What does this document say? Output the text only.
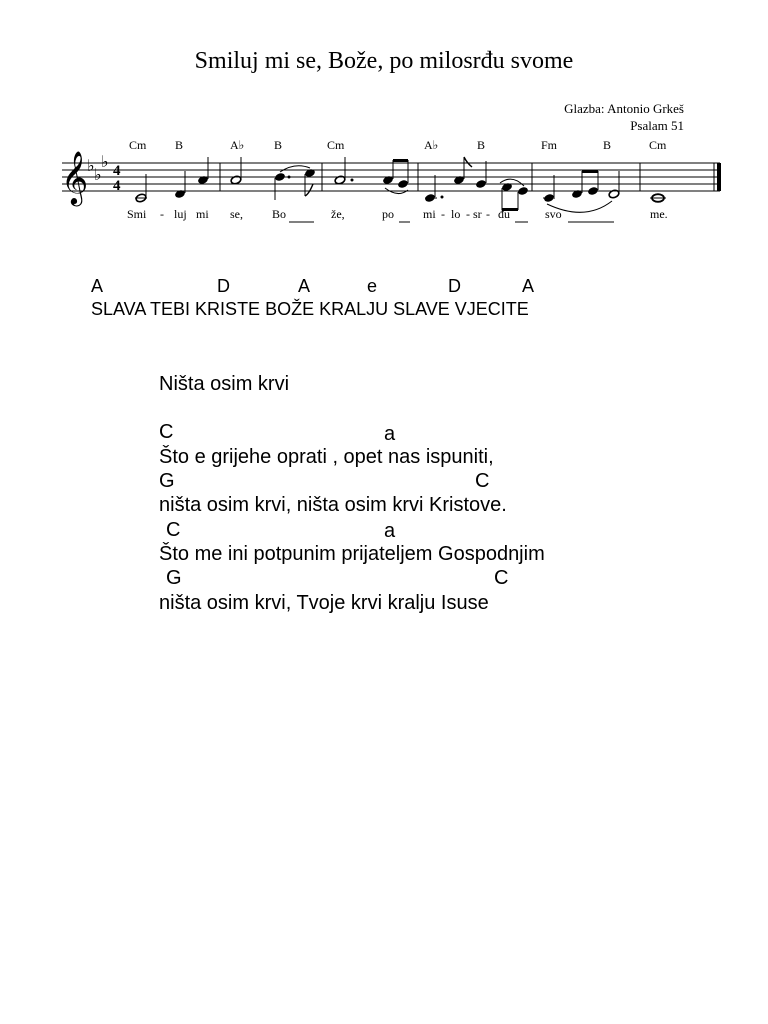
Smiluj mi se, Bože, po milosrđu svome
Glazba: Antonio Grkeš
Psalam 51
Cm B	A♭ B	Cm	A♭	B	Fm	B	Cm
𝄞
♭ ♭
♭ 4
4
Smi - luj mi se, Bo	že,	po mi - lo - sr - đu	svo	me.
A	D	A	e	D	A
SLAVA TEBI KRISTE BOŽE KRALJU SLAVE VJECITE
Ništa osim krvi
C	a
Što e grijehe oprati , opet nas ispuniti,
G	C
ništa osim krvi, ništa osim krvi Kristove.
C	a
Što me ini potpunim prijateljem Gospodnjim
G	C
ništa osim krvi, Tvoje krvi kralju Isuse
